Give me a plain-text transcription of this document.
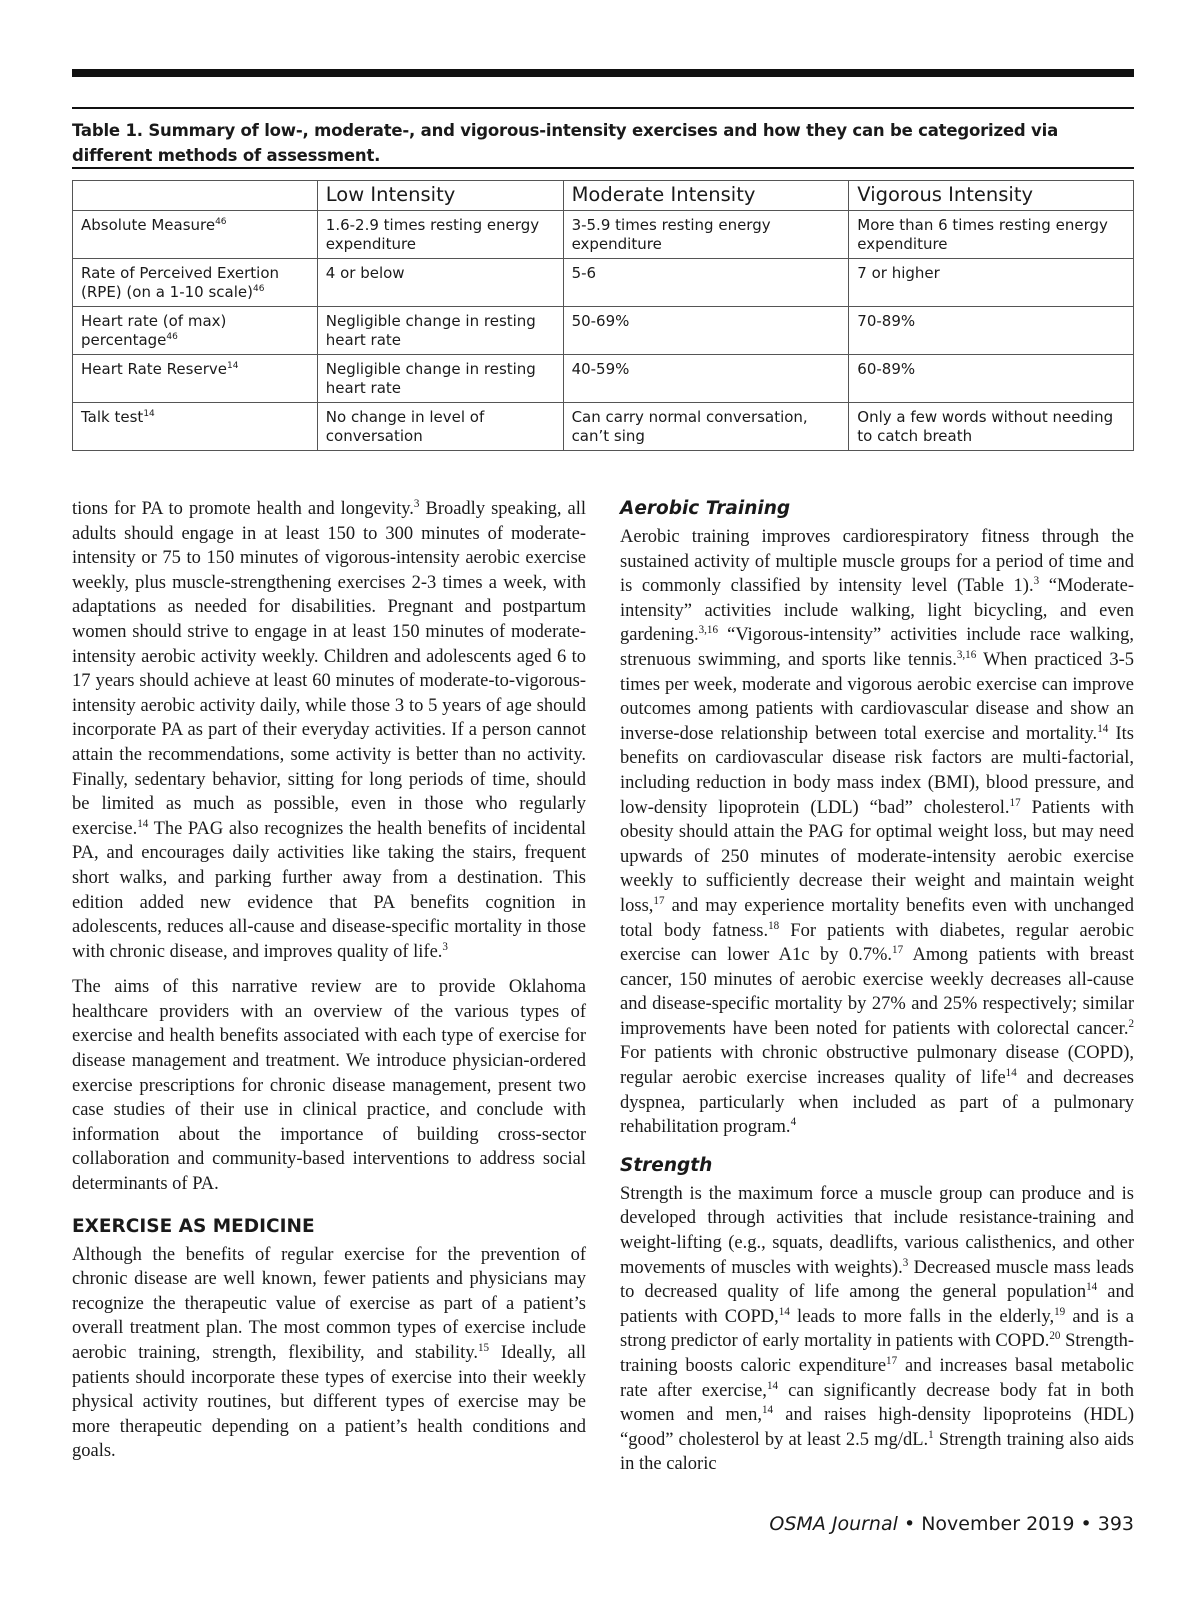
Table 1. Summary of low-, moderate-, and vigorous-intensity exercises and how they can be categorized via different methods of assessment.
	Low Intensity	Moderate Intensity	Vigorous Intensity
Absolute Measure$^{46}$	1.6-2.9 times resting energy expenditure	3-5.9 times resting energy expenditure	More than 6 times resting energy expenditure
Rate of Perceived Exertion (RPE) (on a 1-10 scale)$^{46}$	4 or below	5-6	7 or higher
Heart rate (of max) percentage$^{46}$	Negligible change in resting heart rate	50-69%	70-89%
Heart Rate Reserve$^{14}$	Negligible change in resting heart rate	40-59%	60-89%
Talk test$^{14}$	No change in level of conversation	Can carry normal conversation, can’t sing	Only a few words without needing to catch breath

tions for PA to promote health and longevity.$^3$ Broadly speaking, all adults should engage in at least 150 to 300 minutes of moderate-intensity or 75 to 150 minutes of vigorous-intensity aerobic exercise weekly, plus muscle-strengthening exercises 2-3 times a week, with adaptations as needed for disabilities. Pregnant and postpartum women should strive to engage in at least 150 minutes of moderate-intensity aerobic activity weekly. Children and adolescents aged 6 to 17 years should achieve at least 60 minutes of moderate-to-vigorous-intensity aerobic activity daily, while those 3 to 5 years of age should incorporate PA as part of their everyday activities. If a person cannot attain the recommendations, some activity is better than no activity. Finally, sedentary behavior, sitting for long periods of time, should be limited as much as possible, even in those who regularly exercise.$^{14}$ The PAG also recognizes the health benefits of incidental PA, and encourages daily activities like taking the stairs, frequent short walks, and parking further away from a destination. This edition added new evidence that PA benefits cognition in adolescents, reduces all-cause and disease-specific mortality in those with chronic disease, and improves quality of life.$^3$

The aims of this narrative review are to provide Oklahoma healthcare providers with an overview of the various types of exercise and health benefits associated with each type of exercise for disease management and treatment. We introduce physician-ordered exercise prescriptions for chronic disease management, present two case studies of their use in clinical practice, and conclude with information about the importance of building cross-sector collaboration and community-based interventions to address social determinants of PA.

EXERCISE AS MEDICINE

Although the benefits of regular exercise for the prevention of chronic disease are well known, fewer patients and physicians may recognize the therapeutic value of exercise as part of a patient’s overall treatment plan. The most common types of exercise include aerobic training, strength, flexibility, and stability.$^{15}$ Ideally, all patients should incorporate these types of exercise into their weekly physical activity routines, but different types of exercise may be more therapeutic depending on a patient’s health conditions and goals.

Aerobic Training

Aerobic training improves cardiorespiratory fitness through the sustained activity of multiple muscle groups for a period of time and is commonly classified by intensity level (Table 1).$^3$ “Moderate-intensity” activities include walking, light bicycling, and even gardening.$^{3,16}$ “Vigorous-intensity” activities include race walking, strenuous swimming, and sports like tennis.$^{3,16}$ When practiced 3-5 times per week, moderate and vigorous aerobic exercise can improve outcomes among patients with cardiovascular disease and show an inverse-dose relationship between total exercise and mortality.$^{14}$ Its benefits on cardiovascular disease risk factors are multi-factorial, including reduction in body mass index (BMI), blood pressure, and low-density lipoprotein (LDL) “bad” cholesterol.$^{17}$ Patients with obesity should attain the PAG for optimal weight loss, but may need upwards of 250 minutes of moderate-intensity aerobic exercise weekly to sufficiently decrease their weight and maintain weight loss,$^{17}$ and may experience mortality benefits even with unchanged total body fatness.$^{18}$ For patients with diabetes, regular aerobic exercise can lower A1c by 0.7%.$^{17}$ Among patients with breast cancer, 150 minutes of aerobic exercise weekly decreases all-cause and disease-specific mortality by 27% and 25% respectively; similar improvements have been noted for patients with colorectal cancer.$^2$ For patients with chronic obstructive pulmonary disease (COPD), regular aerobic exercise increases quality of life$^{14}$ and decreases dyspnea, particularly when included as part of a pulmonary rehabilitation program.$^4$

Strength

Strength is the maximum force a muscle group can produce and is developed through activities that include resistance-training and weight-lifting (e.g., squats, deadlifts, various calisthenics, and other movements of muscles with weights).$^3$ Decreased muscle mass leads to decreased quality of life among the general population$^{14}$ and patients with COPD,$^{14}$ leads to more falls in the elderly,$^{19}$ and is a strong predictor of early mortality in patients with COPD.$^{20}$ Strength-training boosts caloric expenditure$^{17}$ and increases basal metabolic rate after exercise,$^{14}$ can significantly decrease body fat in both women and men,$^{14}$ and raises high-density lipoproteins (HDL) “good” cholesterol by at least 2.5 mg/dL.$^1$ Strength training also aids in the caloric

OSMA Journal • November 2019 • 393
